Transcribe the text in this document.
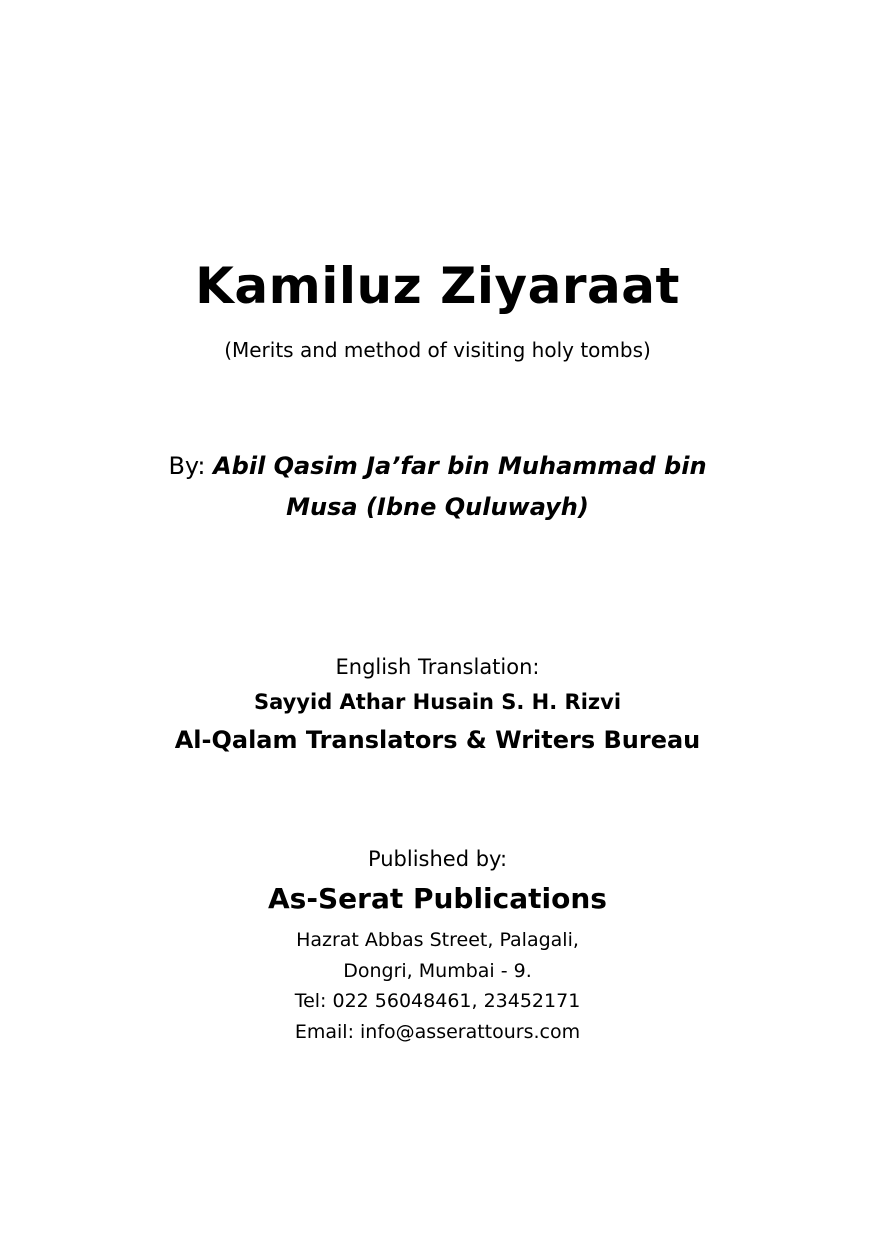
Kamiluz Ziyaraat
(Merits and method of visiting holy tombs)
By: Abil Qasim Ja’far bin Muhammad bin
Musa (Ibne Quluwayh)
English Translation:
Sayyid Athar Husain S. H. Rizvi
Al-Qalam Translators & Writers Bureau
Published by:
As-Serat Publications
Hazrat Abbas Street, Palagali,
Dongri, Mumbai - 9.
Tel: 022 56048461, 23452171
Email: info@asserattours.com
